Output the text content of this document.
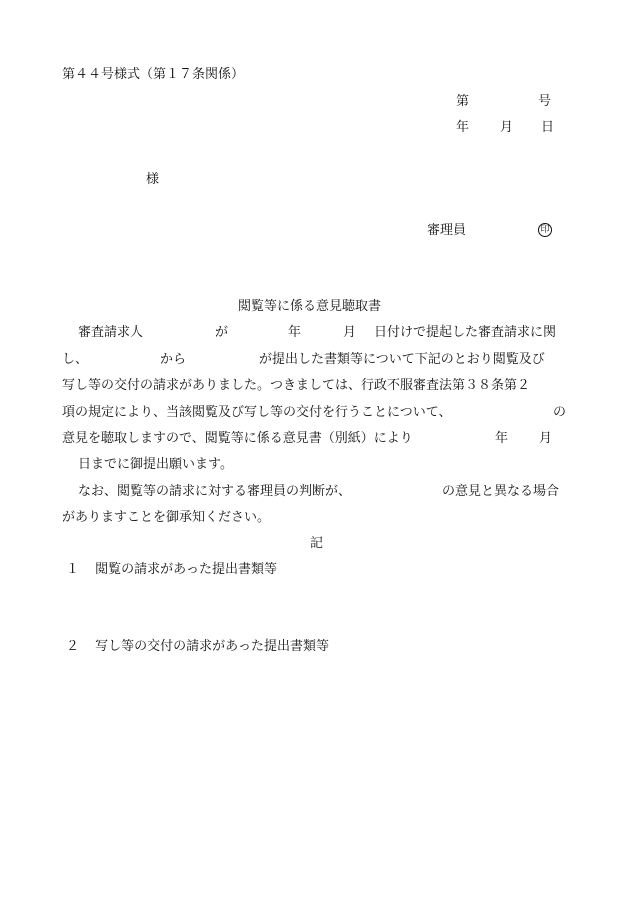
第４４号様式（第１７条関係）
第	号
年 月 日
様
審理員	印
閲覧等に係る意見聴取書
審査請求人	が	年	月 日付けで提起した審査請求に関
し、	から	が提出した書類等について下記のとおり閲覧及び
写し等の交付の請求がありました。つきましては、行政不服審査法第３８条第２
項の規定により、当該閲覧及び写し等の交付を行うことについて、	の
意見を聴取しますので、閲覧等に係る意見書（別紙）により	年 月
日までに御提出願います。
なお、閲覧等の請求に対する審理員の判断が、	の意見と異なる場合
がありますことを御承知ください。
記
１ 閲覧の請求があった提出書類等
２ 写し等の交付の請求があった提出書類等
